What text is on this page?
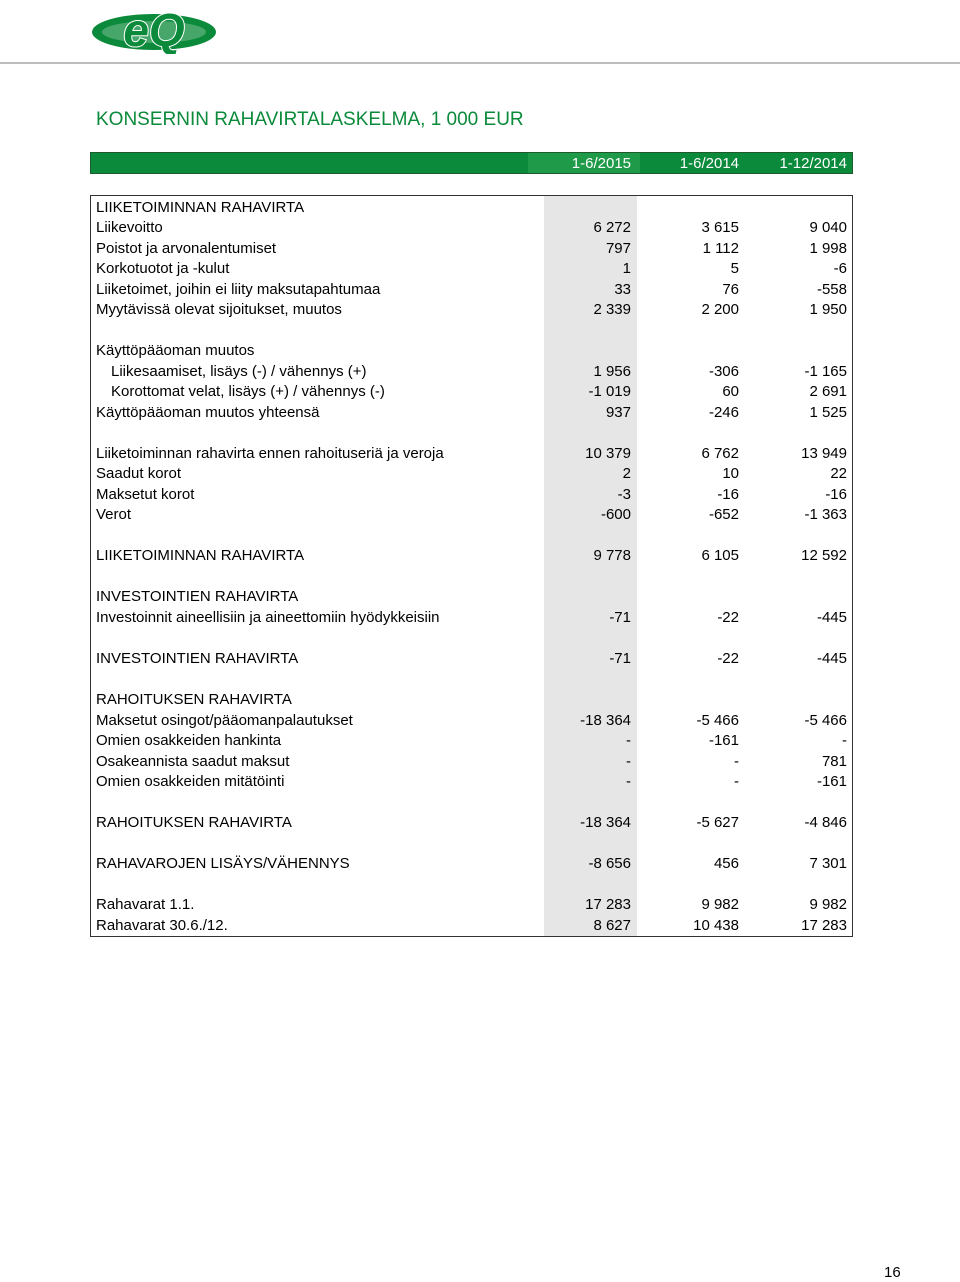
eQ
KONSERNIN RAHAVIRTALASKELMA, 1 000 EUR
1-6/2015	1-6/2014	1-12/2014
LIIKETOIMINNAN RAHAVIRTA
Liikevoitto	6 272	3 615	9 040
Poistot ja arvonalentumiset	797	1 112	1 998
Korkotuotot ja -kulut	1	5	-6
Liiketoimet, joihin ei liity maksutapahtumaa	33	76	-558
Myytävissä olevat sijoitukset, muutos	2 339	2 200	1 950
Käyttöpääoman muutos
Liikesaamiset, lisäys (-) / vähennys (+)	1 956	-306	-1 165
Korottomat velat, lisäys (+) / vähennys (-)	-1 019	60	2 691
Käyttöpääoman muutos yhteensä	937	-246	1 525
Liiketoiminnan rahavirta ennen rahoituseriä ja veroja	10 379	6 762	13 949
Saadut korot	2	10	22
Maksetut korot	-3	-16	-16
Verot	-600	-652	-1 363
LIIKETOIMINNAN RAHAVIRTA	9 778	6 105	12 592
INVESTOINTIEN RAHAVIRTA
Investoinnit aineellisiin ja aineettomiin hyödykkeisiin	-71	-22	-445
INVESTOINTIEN RAHAVIRTA	-71	-22	-445
RAHOITUKSEN RAHAVIRTA
Maksetut osingot/pääomanpalautukset	-18 364	-5 466	-5 466
Omien osakkeiden hankinta	-	-161	-
Osakeannista saadut maksut	-	-	781
Omien osakkeiden mitätöinti	-	-	-161
RAHOITUKSEN RAHAVIRTA	-18 364	-5 627	-4 846
RAHAVAROJEN LISÄYS/VÄHENNYS	-8 656	456	7 301
Rahavarat 1.1.	17 283	9 982	9 982
Rahavarat 30.6./12.	8 627	10 438	17 283
16
